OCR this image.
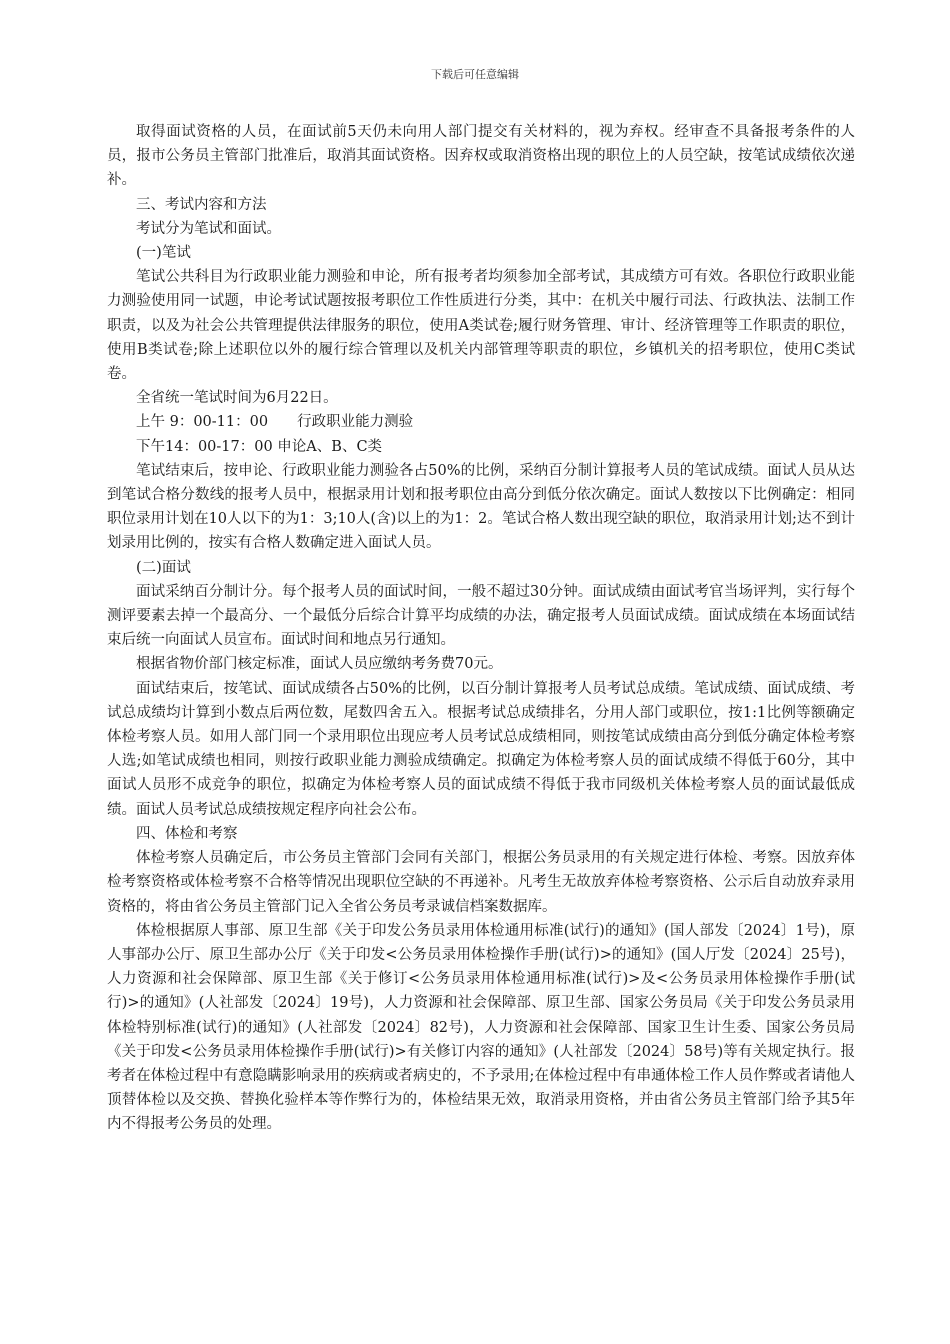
下载后可任意编辑

取得面试资格的人员，在面试前5天仍未向用人部门提交有关材料的，视为弃权。经审查不具备报考条件的人员，报市公务员主管部门批准后，取消其面试资格。因弃权或取消资格出现的职位上的人员空缺，按笔试成绩依次递补。

三、考试内容和方法

考试分为笔试和面试。

(一)笔试

笔试公共科目为行政职业能力测验和申论，所有报考者均须参加全部考试，其成绩方可有效。各职位行政职业能力测验使用同一试题，申论考试试题按报考职位工作性质进行分类，其中：在机关中履行司法、行政执法、法制工作职责，以及为社会公共管理提供法律服务的职位，使用A类试卷;履行财务管理、审计、经济管理等工作职责的职位，使用B类试卷;除上述职位以外的履行综合管理以及机关内部管理等职责的职位，乡镇机关的招考职位，使用C类试卷。

全省统一笔试时间为6月22日。

上午 9：00-11：00　　行政职业能力测验

下午14：00-17：00 申论A、B、C类

笔试结束后，按申论、行政职业能力测验各占50%的比例，采纳百分制计算报考人员的笔试成绩。面试人员从达到笔试合格分数线的报考人员中，根据录用计划和报考职位由高分到低分依次确定。面试人数按以下比例确定：相同职位录用计划在10人以下的为1：3;10人(含)以上的为1：2。笔试合格人数出现空缺的职位，取消录用计划;达不到计划录用比例的，按实有合格人数确定进入面试人员。

(二)面试

面试采纳百分制计分。每个报考人员的面试时间，一般不超过30分钟。面试成绩由面试考官当场评判，实行每个测评要素去掉一个最高分、一个最低分后综合计算平均成绩的办法，确定报考人员面试成绩。面试成绩在本场面试结束后统一向面试人员宣布。面试时间和地点另行通知。

根据省物价部门核定标准，面试人员应缴纳考务费70元。

面试结束后，按笔试、面试成绩各占50%的比例，以百分制计算报考人员考试总成绩。笔试成绩、面试成绩、考试总成绩均计算到小数点后两位数，尾数四舍五入。根据考试总成绩排名，分用人部门或职位，按1:1比例等额确定体检考察人员。如用人部门同一个录用职位出现应考人员考试总成绩相同，则按笔试成绩由高分到低分确定体检考察人选;如笔试成绩也相同，则按行政职业能力测验成绩确定。拟确定为体检考察人员的面试成绩不得低于60分，其中面试人员形不成竞争的职位，拟确定为体检考察人员的面试成绩不得低于我市同级机关体检考察人员的面试最低成绩。面试人员考试总成绩按规定程序向社会公布。

四、体检和考察

体检考察人员确定后，市公务员主管部门会同有关部门，根据公务员录用的有关规定进行体检、考察。因放弃体检考察资格或体检考察不合格等情况出现职位空缺的不再递补。凡考生无故放弃体检考察资格、公示后自动放弃录用资格的，将由省公务员主管部门记入全省公务员考录诚信档案数据库。

体检根据原人事部、原卫生部《关于印发公务员录用体检通用标准(试行)的通知》(国人部发〔2024〕1号)，原人事部办公厅、原卫生部办公厅《关于印发<公务员录用体检操作手册(试行)>的通知》(国人厅发〔2024〕25号)，人力资源和社会保障部、原卫生部《关于修订<公务员录用体检通用标准(试行)>及<公务员录用体检操作手册(试行)>的通知》(人社部发〔2024〕19号)，人力资源和社会保障部、原卫生部、国家公务员局《关于印发公务员录用体检特别标准(试行)的通知》(人社部发〔2024〕82号)，人力资源和社会保障部、国家卫生计生委、国家公务员局《关于印发<公务员录用体检操作手册(试行)>有关修订内容的通知》(人社部发〔2024〕58号)等有关规定执行。报考者在体检过程中有意隐瞒影响录用的疾病或者病史的，不予录用;在体检过程中有串通体检工作人员作弊或者请他人顶替体检以及交换、替换化验样本等作弊行为的，体检结果无效，取消录用资格，并由省公务员主管部门给予其5年内不得报考公务员的处理。
